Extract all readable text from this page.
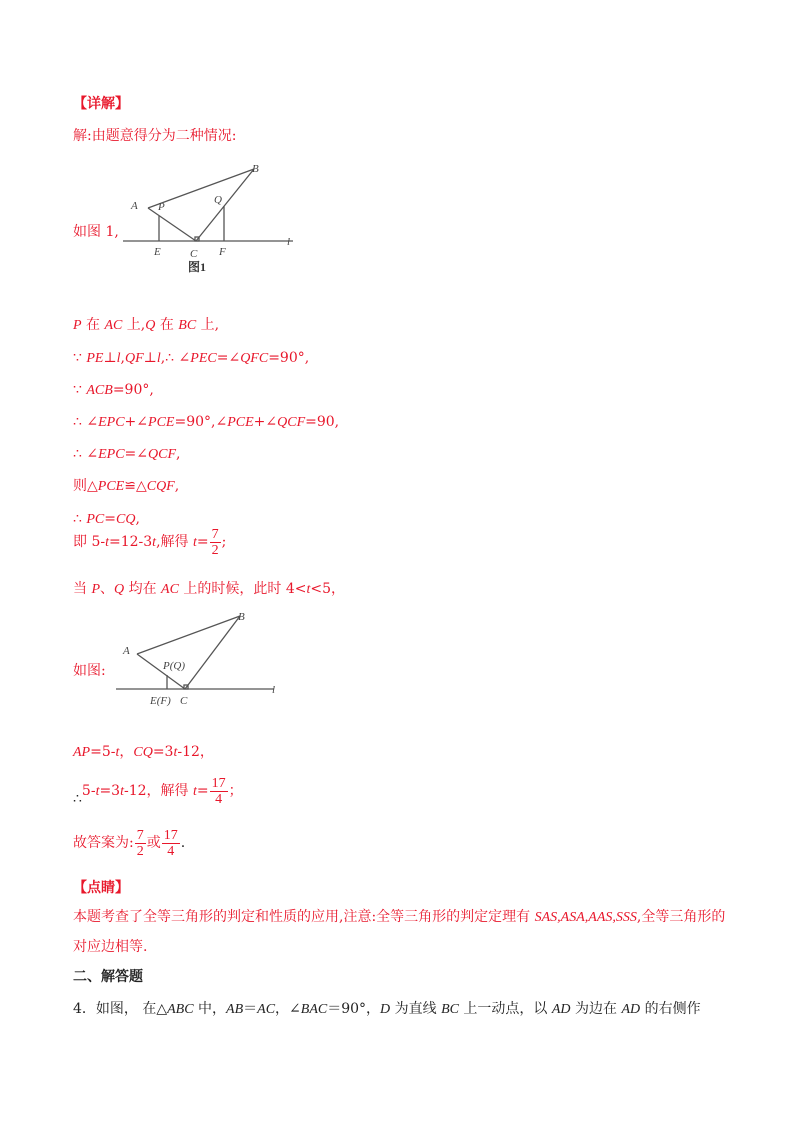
【详解】
解:由题意得分为二种情况:
如图 1,
A
B
P
Q
E	C F
l
图1
P 在 AC 上,Q 在 BC 上,
∵ PE⊥l,QF⊥l,∴ ∠PEC=∠QFC=90°,
∵ ACB=90°,
∴ ∠EPC+∠PCE=90°,∠PCE+∠QCF=90,
∴ ∠EPC=∠QCF,
则△PCE≌△CQF,
∴ PC=CQ,
即 5-t=12-3t,解得 $t= \frac{7}{2}$ ;
当 P、Q 均在 AC 上的时候，此时 4<t<5，
如图:
A
B
P(Q)
E(F) C
l
AP=5-t，CQ=3t-12，
∴5-t=3t-12，解得 $t= \frac{17}{4}$ ；
故答案为: $\frac{7}{2}$ 或 $\frac{17}{4}$ .
【点睛】
本题考查了全等三角形的判定和性质的应用,注意:全等三角形的判定定理有 SAS,ASA,AAS,SSS,全等三角形的
对应边相等.
二、解答题
4．如图， 在△ABC 中，AB＝AC，∠BAC＝90°，D 为直线 BC 上一动点，以 AD 为边在 AD 的右侧作
